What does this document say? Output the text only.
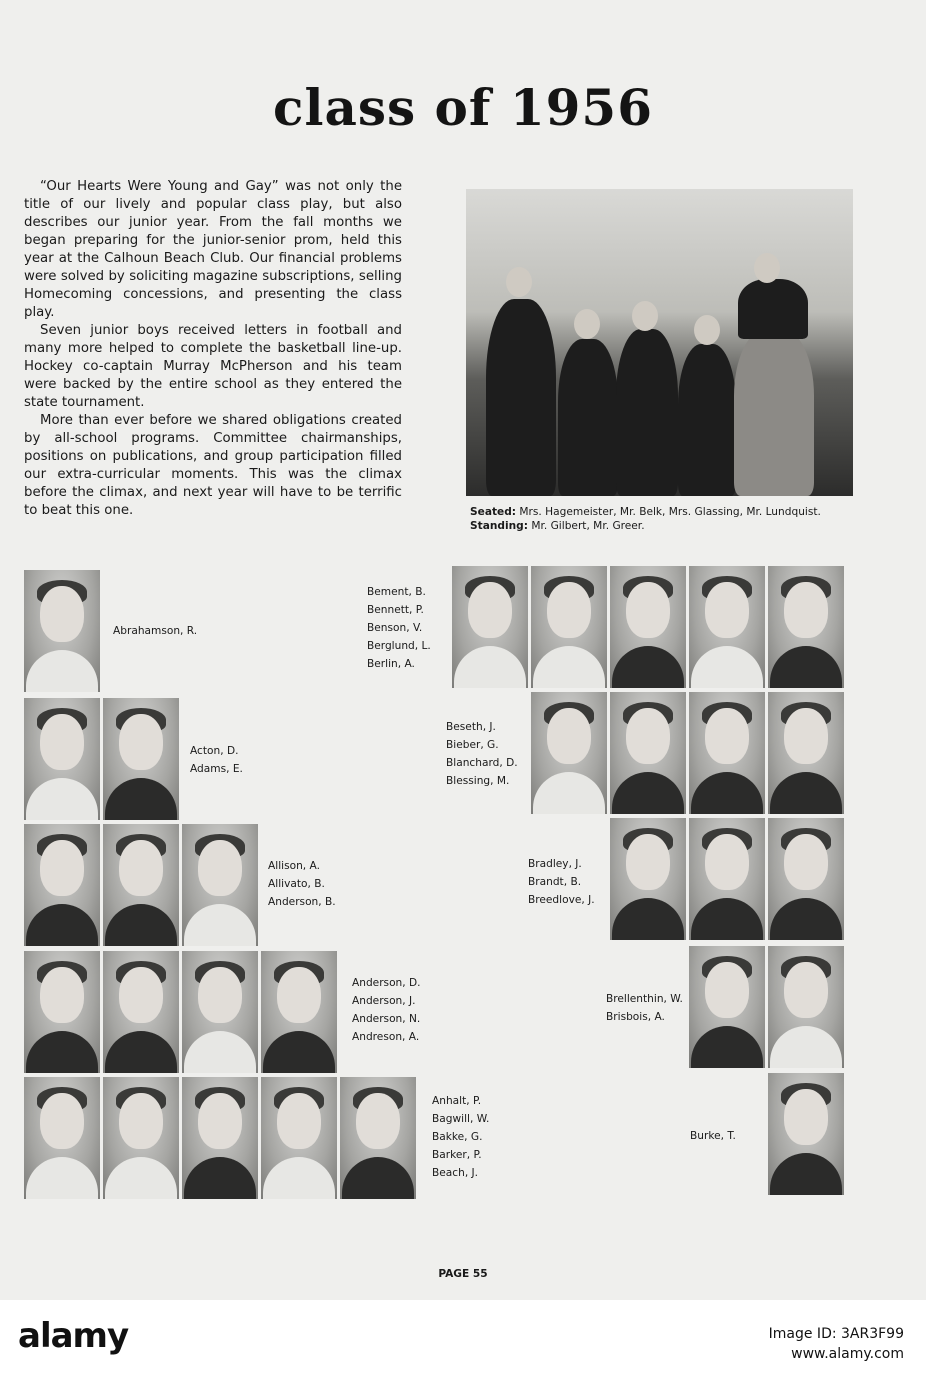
class of 1956

“Our Hearts Were Young and Gay” was not only the title of our lively and popular class play, but also describes our junior year. From the fall months we began preparing for the junior-senior prom, held this year at the Calhoun Beach Club. Our financial problems were solved by soliciting magazine subscriptions, selling Homecoming concessions, and presenting the class play.

Seven junior boys received letters in football and many more helped to complete the basketball line-up. Hockey co-captain Murray McPherson and his team were backed by the entire school as they entered the state tournament.

More than ever before we shared obligations created by all-school programs. Committee chairmanships, positions on publications, and group participation filled our extra-curricular moments. This was the climax before the climax, and next year will have to be terrific to beat this one.	Seated: Mrs. Hagemeister, Mr. Belk, Mrs. Glassing, Mr. Lundquist.
Standing: Mr. Gilbert, Mr. Greer.
Abrahamson, R.
Acton, D.
Adams, E.
Allison, A.
Allivato, B.
Anderson, B.
Anderson, D.
Anderson, J.
Anderson, N.
Andreson, A.
Anhalt, P.
Bagwill, W.
Bakke, G.
Barker, P.
Beach, J.
Bement, B.
Bennett, P.
Benson, V.
Berglund, L.
Berlin, A.
Beseth, J.
Bieber, G.
Blanchard, D.
Blessing, M.
Bradley, J.
Brandt, B.
Breedlove, J.
Brellenthin, W.
Brisbois, A.
Burke, T.
PAGE 55
alamy	Image ID: 3AR3F99
www.alamy.com
